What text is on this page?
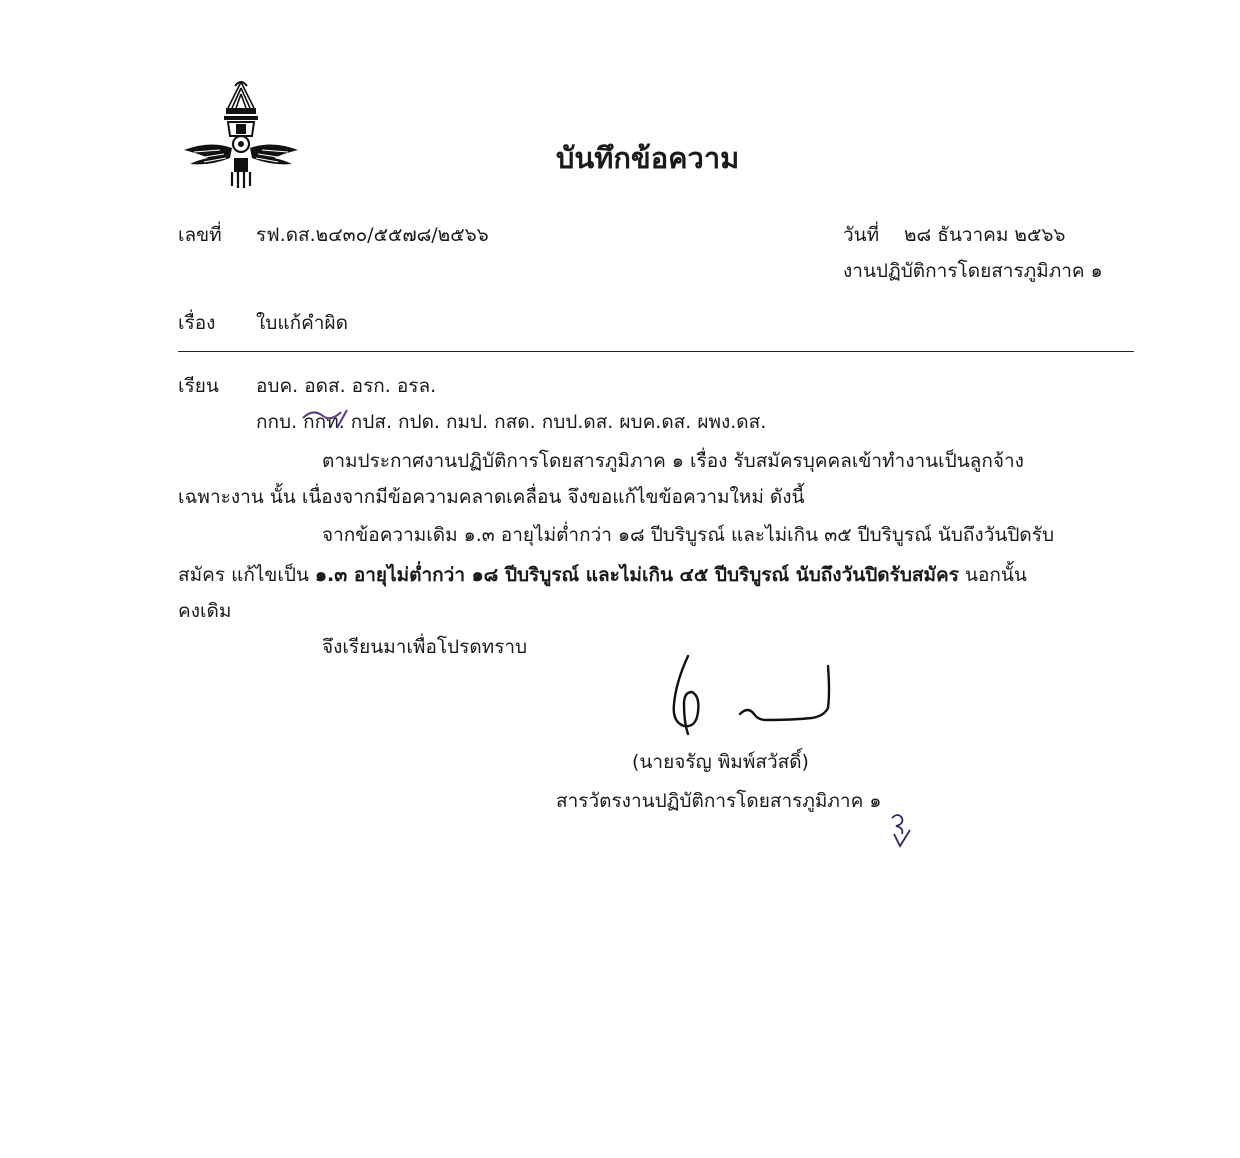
บันทึกข้อความ
เลขที่ รฟ.ดส.๒๔๓๐/๕๕๗๘/๒๕๖๖	วันที่ ๒๘ ธันวาคม ๒๕๖๖
งานปฏิบัติการโดยสารภูมิภาค ๑
เรื่อง ใบแก้คำผิด
เรียน อบค. อดส. อรก. อรล.
กกบ. กกท. กปส. กปด. กมป. กสด. กบป.ดส. ผบค.ดส. ผพง.ดส.
ตามประกาศงานปฏิบัติการโดยสารภูมิภาค ๑ เรื่อง รับสมัครบุคคลเข้าทำงานเป็นลูกจ้าง
เฉพาะงาน นั้น เนื่องจากมีข้อความคลาดเคลื่อน จึงขอแก้ไขข้อความใหม่ ดังนี้
จากข้อความเดิม ๑.๓ อายุไม่ต่ำกว่า ๑๘ ปีบริบูรณ์ และไม่เกิน ๓๕ ปีบริบูรณ์ นับถึงวันปิดรับ
สมัคร แก้ไขเป็น ๑.๓ อายุไม่ต่ำกว่า ๑๘ ปีบริบูรณ์ และไม่เกิน ๔๕ ปีบริบูรณ์ นับถึงวันปิดรับสมัคร นอกนั้น
คงเดิม
จึงเรียนมาเพื่อโปรดทราบ
(นายจรัญ พิมพ์สวัสดิ์)
สารวัตรงานปฏิบัติการโดยสารภูมิภาค ๑
